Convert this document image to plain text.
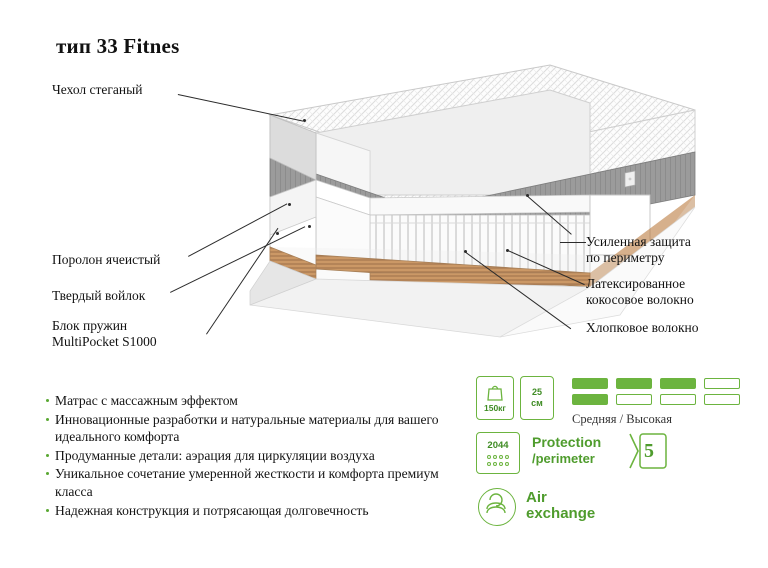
тип 33 Fitnes
Чехол стеганый
Поролон ячеистый
Твердый войлок
Блок пружин
MultiPocket S1000
Усиленная защита
по периметру
Латексированное
кокосовое волокно
Хлопковое волокно
Матрас с массажным эффектом
Инновационные разработки и натуральные материалы для вашего идеального комфорта
Продуманные детали: аэрация для циркуляции воздуха
Уникальное сочетание умеренной жесткости и комфорта премиум класса
Надежная конструкция и потрясающая долговечность
150кг
25
см
Средняя / Высокая
2044 Protection
/perimeter	5
Air
exchange
